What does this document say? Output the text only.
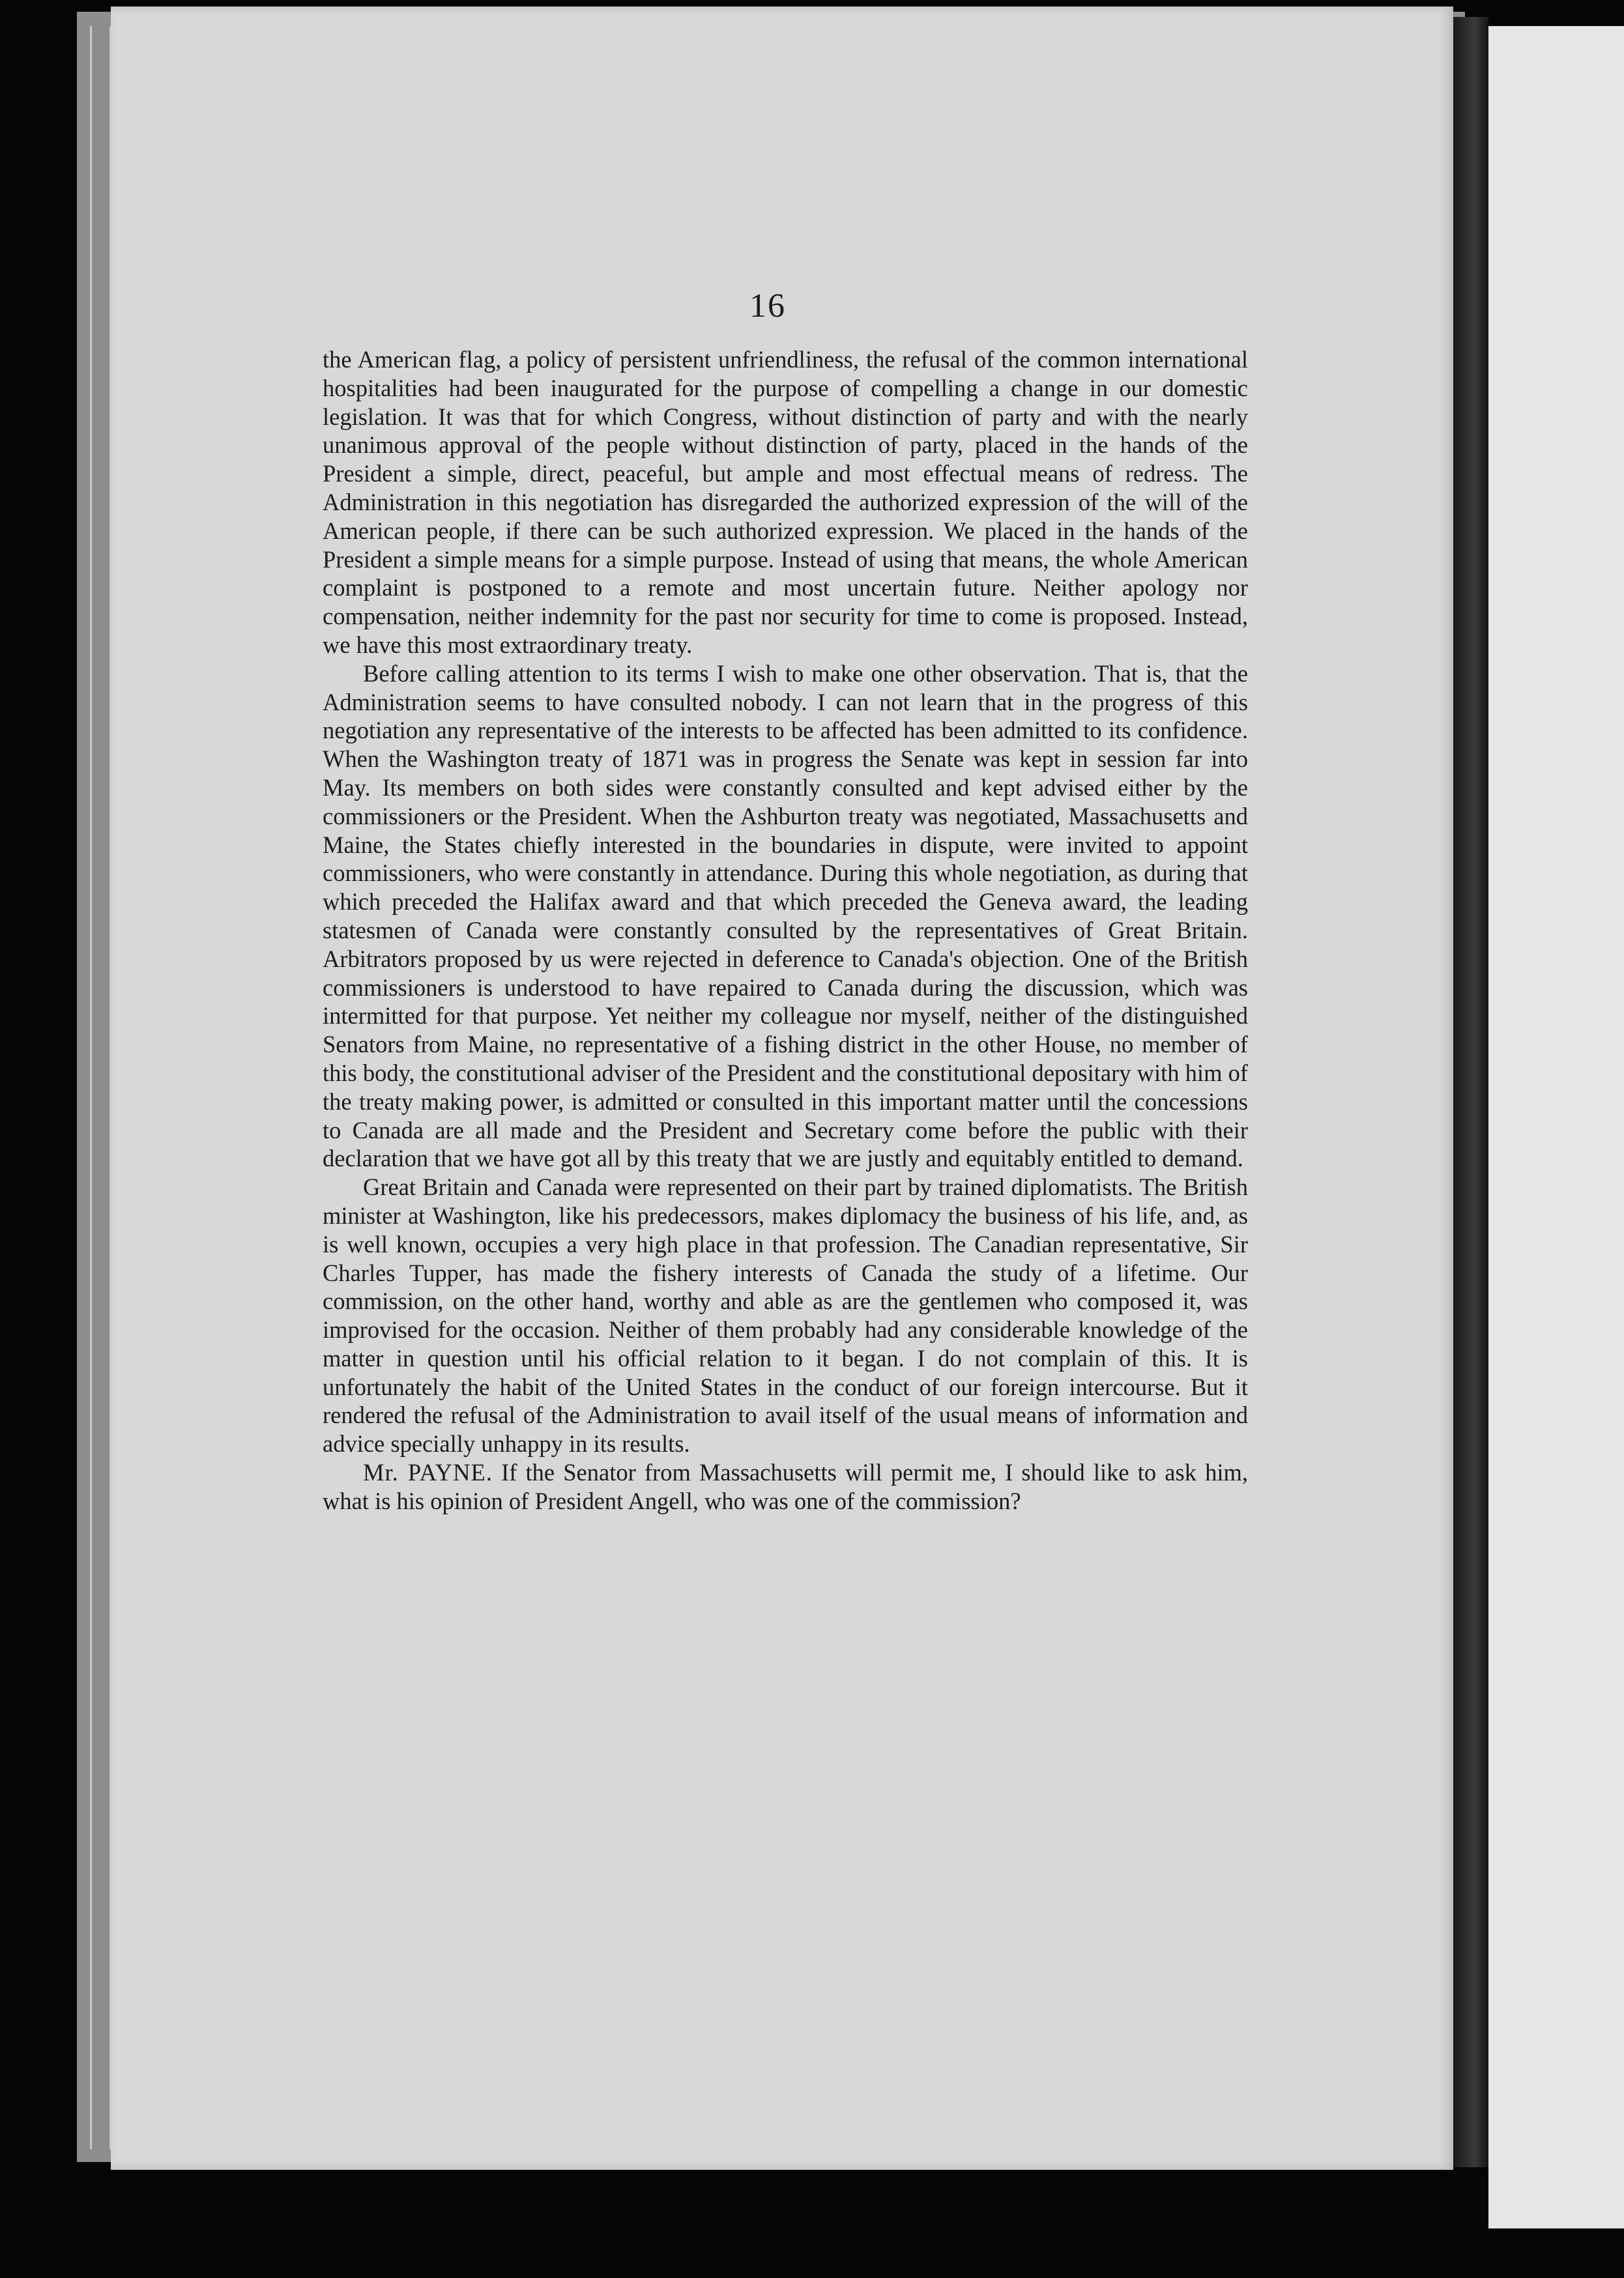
16

the American flag, a policy of persistent unfriendliness, the refusal of the common international hospitalities had been inaugurated for the purpose of compelling a change in our domestic legislation. It was that for which Congress, without distinction of party and with the nearly unanimous approval of the people without distinction of party, placed in the hands of the President a simple, direct, peaceful, but ample and most effectual means of redress. The Administration in this negotiation has disregarded the authorized expression of the will of the American people, if there can be such authorized expression. We placed in the hands of the President a simple means for a simple purpose. Instead of using that means, the whole American complaint is postponed to a remote and most uncertain future. Neither apology nor compensation, neither indemnity for the past nor security for time to come is proposed. Instead, we have this most extraordinary treaty.

Before calling attention to its terms I wish to make one other observation. That is, that the Administration seems to have consulted nobody. I can not learn that in the progress of this negotiation any representative of the interests to be affected has been admitted to its confidence. When the Washington treaty of 1871 was in progress the Senate was kept in session far into May. Its members on both sides were constantly consulted and kept advised either by the commissioners or the President. When the Ashburton treaty was negotiated, Massachusetts and Maine, the States chiefly interested in the boundaries in dispute, were invited to appoint commissioners, who were constantly in attendance. During this whole negotiation, as during that which preceded the Halifax award and that which preceded the Geneva award, the leading statesmen of Canada were constantly consulted by the representatives of Great Britain. Arbitrators proposed by us were rejected in deference to Canada's objection. One of the British commissioners is understood to have repaired to Canada during the discussion, which was intermitted for that purpose. Yet neither my colleague nor myself, neither of the distinguished Senators from Maine, no representative of a fishing district in the other House, no member of this body, the constitutional adviser of the President and the constitutional depositary with him of the treaty making power, is admitted or consulted in this important matter until the concessions to Canada are all made and the President and Secretary come before the public with their declaration that we have got all by this treaty that we are justly and equitably entitled to demand.

Great Britain and Canada were represented on their part by trained diplomatists. The British minister at Washington, like his predecessors, makes diplomacy the business of his life, and, as is well known, occupies a very high place in that profession. The Canadian representative, Sir Charles Tupper, has made the fishery interests of Canada the study of a lifetime. Our commission, on the other hand, worthy and able as are the gentlemen who composed it, was improvised for the occasion. Neither of them probably had any considerable knowledge of the matter in question until his official relation to it began. I do not complain of this. It is unfortunately the habit of the United States in the conduct of our foreign intercourse. But it rendered the refusal of the Administration to avail itself of the usual means of information and advice specially unhappy in its results.

Mr. PAYNE. If the Senator from Massachusetts will permit me, I should like to ask him, what is his opinion of President Angell, who was one of the commission?
